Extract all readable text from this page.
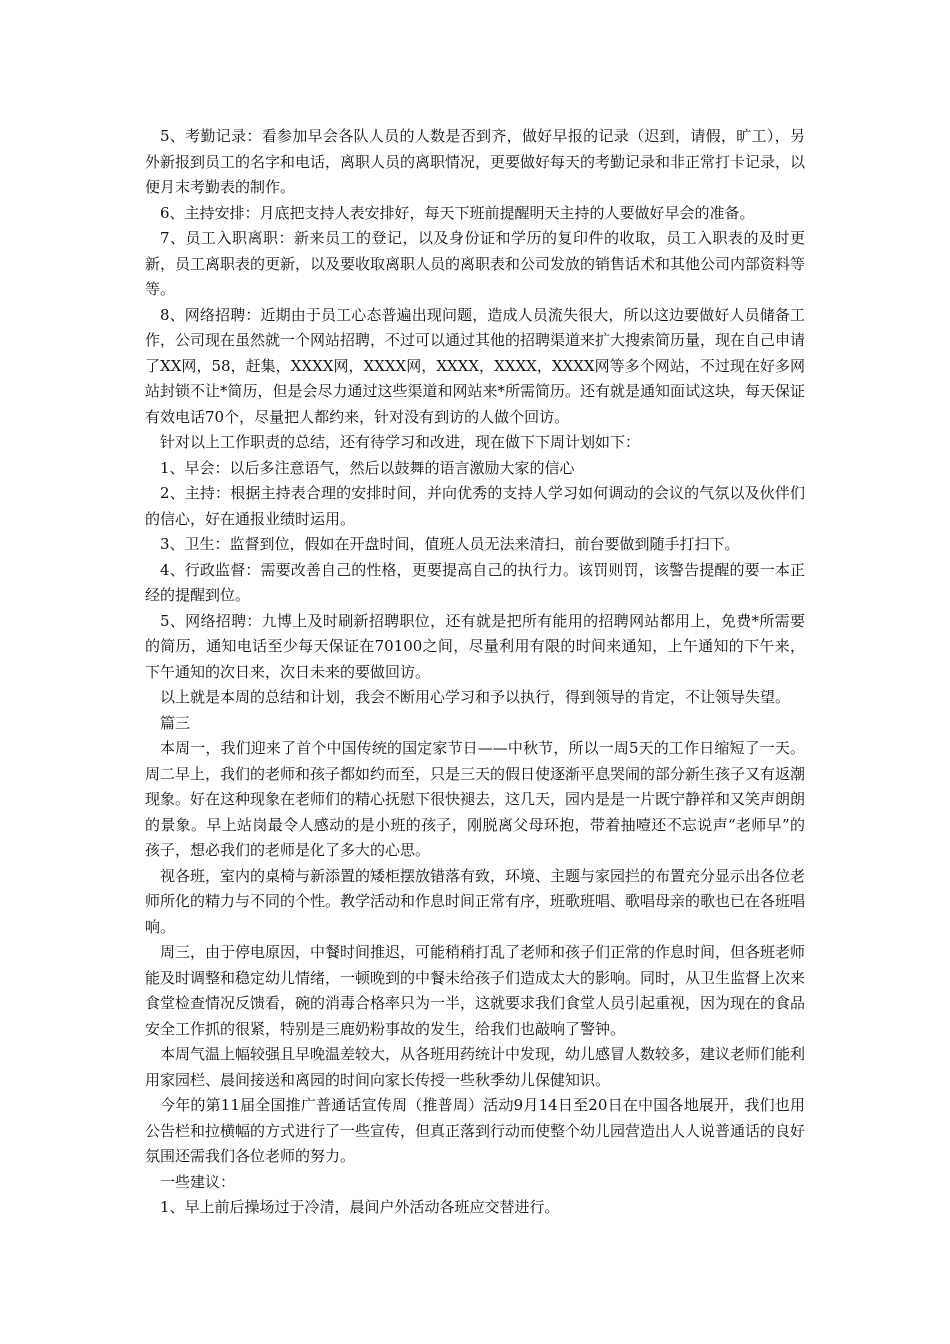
5、考勤记录：看参加早会各队人员的人数是否到齐，做好早报的记录（迟到，请假，旷工），另外新报到员工的名字和电话，离职人员的离职情况，更要做好每天的考勤记录和非正常打卡记录，以便月末考勤表的制作。

6、主持安排：月底把支持人表安排好，每天下班前提醒明天主持的人要做好早会的准备。

7、员工入职离职：新来员工的登记，以及身份证和学历的复印件的收取，员工入职表的及时更新，员工离职表的更新，以及要收取离职人员的离职表和公司发放的销售话术和其他公司内部资料等等。

8、网络招聘：近期由于员工心态普遍出现问题，造成人员流失很大，所以这边要做好人员储备工作，公司现在虽然就一个网站招聘，不过可以通过其他的招聘渠道来扩大搜索简历量，现在自己申请了XX网，58，赶集，XXXX网，XXXX网，XXXX，XXXX，XXXX网等多个网站，不过现在好多网站封锁不让*简历，但是会尽力通过这些渠道和网站来*所需简历。还有就是通知面试这块，每天保证有效电话70个，尽量把人都约来，针对没有到访的人做个回访。

针对以上工作职责的总结，还有待学习和改进，现在做下下周计划如下：

1、早会：以后多注意语气，然后以鼓舞的语言激励大家的信心

2、主持：根据主持表合理的安排时间，并向优秀的支持人学习如何调动的会议的气氛以及伙伴们的信心，好在通报业绩时运用。

3、卫生：监督到位，假如在开盘时间，值班人员无法来清扫，前台要做到随手打扫下。

4、行政监督：需要改善自己的性格，更要提高自己的执行力。该罚则罚，该警告提醒的要一本正经的提醒到位。

5、网络招聘：九博上及时刷新招聘职位，还有就是把所有能用的招聘网站都用上，免费*所需要的简历，通知电话至少每天保证在70100之间，尽量利用有限的时间来通知，上午通知的下午来，下午通知的次日来，次日未来的要做回访。

以上就是本周的总结和计划，我会不断用心学习和予以执行，得到领导的肯定，不让领导失望。

篇三

本周一，我们迎来了首个中国传统的国定家节日——中秋节，所以一周5天的工作日缩短了一天。周二早上，我们的老师和孩子都如约而至，只是三天的假日使逐渐平息哭闹的部分新生孩子又有返潮现象。好在这种现象在老师们的精心抚慰下很快褪去，这几天，园内是是一片既宁静祥和又笑声朗朗的景象。早上站岗最令人感动的是小班的孩子，刚脱离父母环抱，带着抽噎还不忘说声“老师早”的孩子，想必我们的老师是化了多大的心思。

视各班，室内的桌椅与新添置的矮柜摆放错落有致，环境、主题与家园拦的布置充分显示出各位老师所化的精力与不同的个性。教学活动和作息时间正常有序，班歌班唱、歌唱母亲的歌也已在各班唱响。

周三，由于停电原因，中餐时间推迟，可能稍稍打乱了老师和孩子们正常的作息时间，但各班老师能及时调整和稳定幼儿情绪，一顿晚到的中餐未给孩子们造成太大的影响。同时，从卫生监督上次来食堂检查情况反馈看，碗的消毒合格率只为一半，这就要求我们食堂人员引起重视，因为现在的食品安全工作抓的很紧，特别是三鹿奶粉事故的发生，给我们也敲响了警钟。

本周气温上幅较强且早晚温差较大，从各班用药统计中发现，幼儿感冒人数较多，建议老师们能利用家园栏、晨间接送和离园的时间向家长传授一些秋季幼儿保健知识。

今年的第11届全国推广普通话宣传周（推普周）活动9月14日至20日在中国各地展开，我们也用公告栏和拉横幅的方式进行了一些宣传，但真正落到行动而使整个幼儿园营造出人人说普通话的良好氛围还需我们各位老师的努力。

一些建议：

1、早上前后操场过于冷清，晨间户外活动各班应交替进行。
